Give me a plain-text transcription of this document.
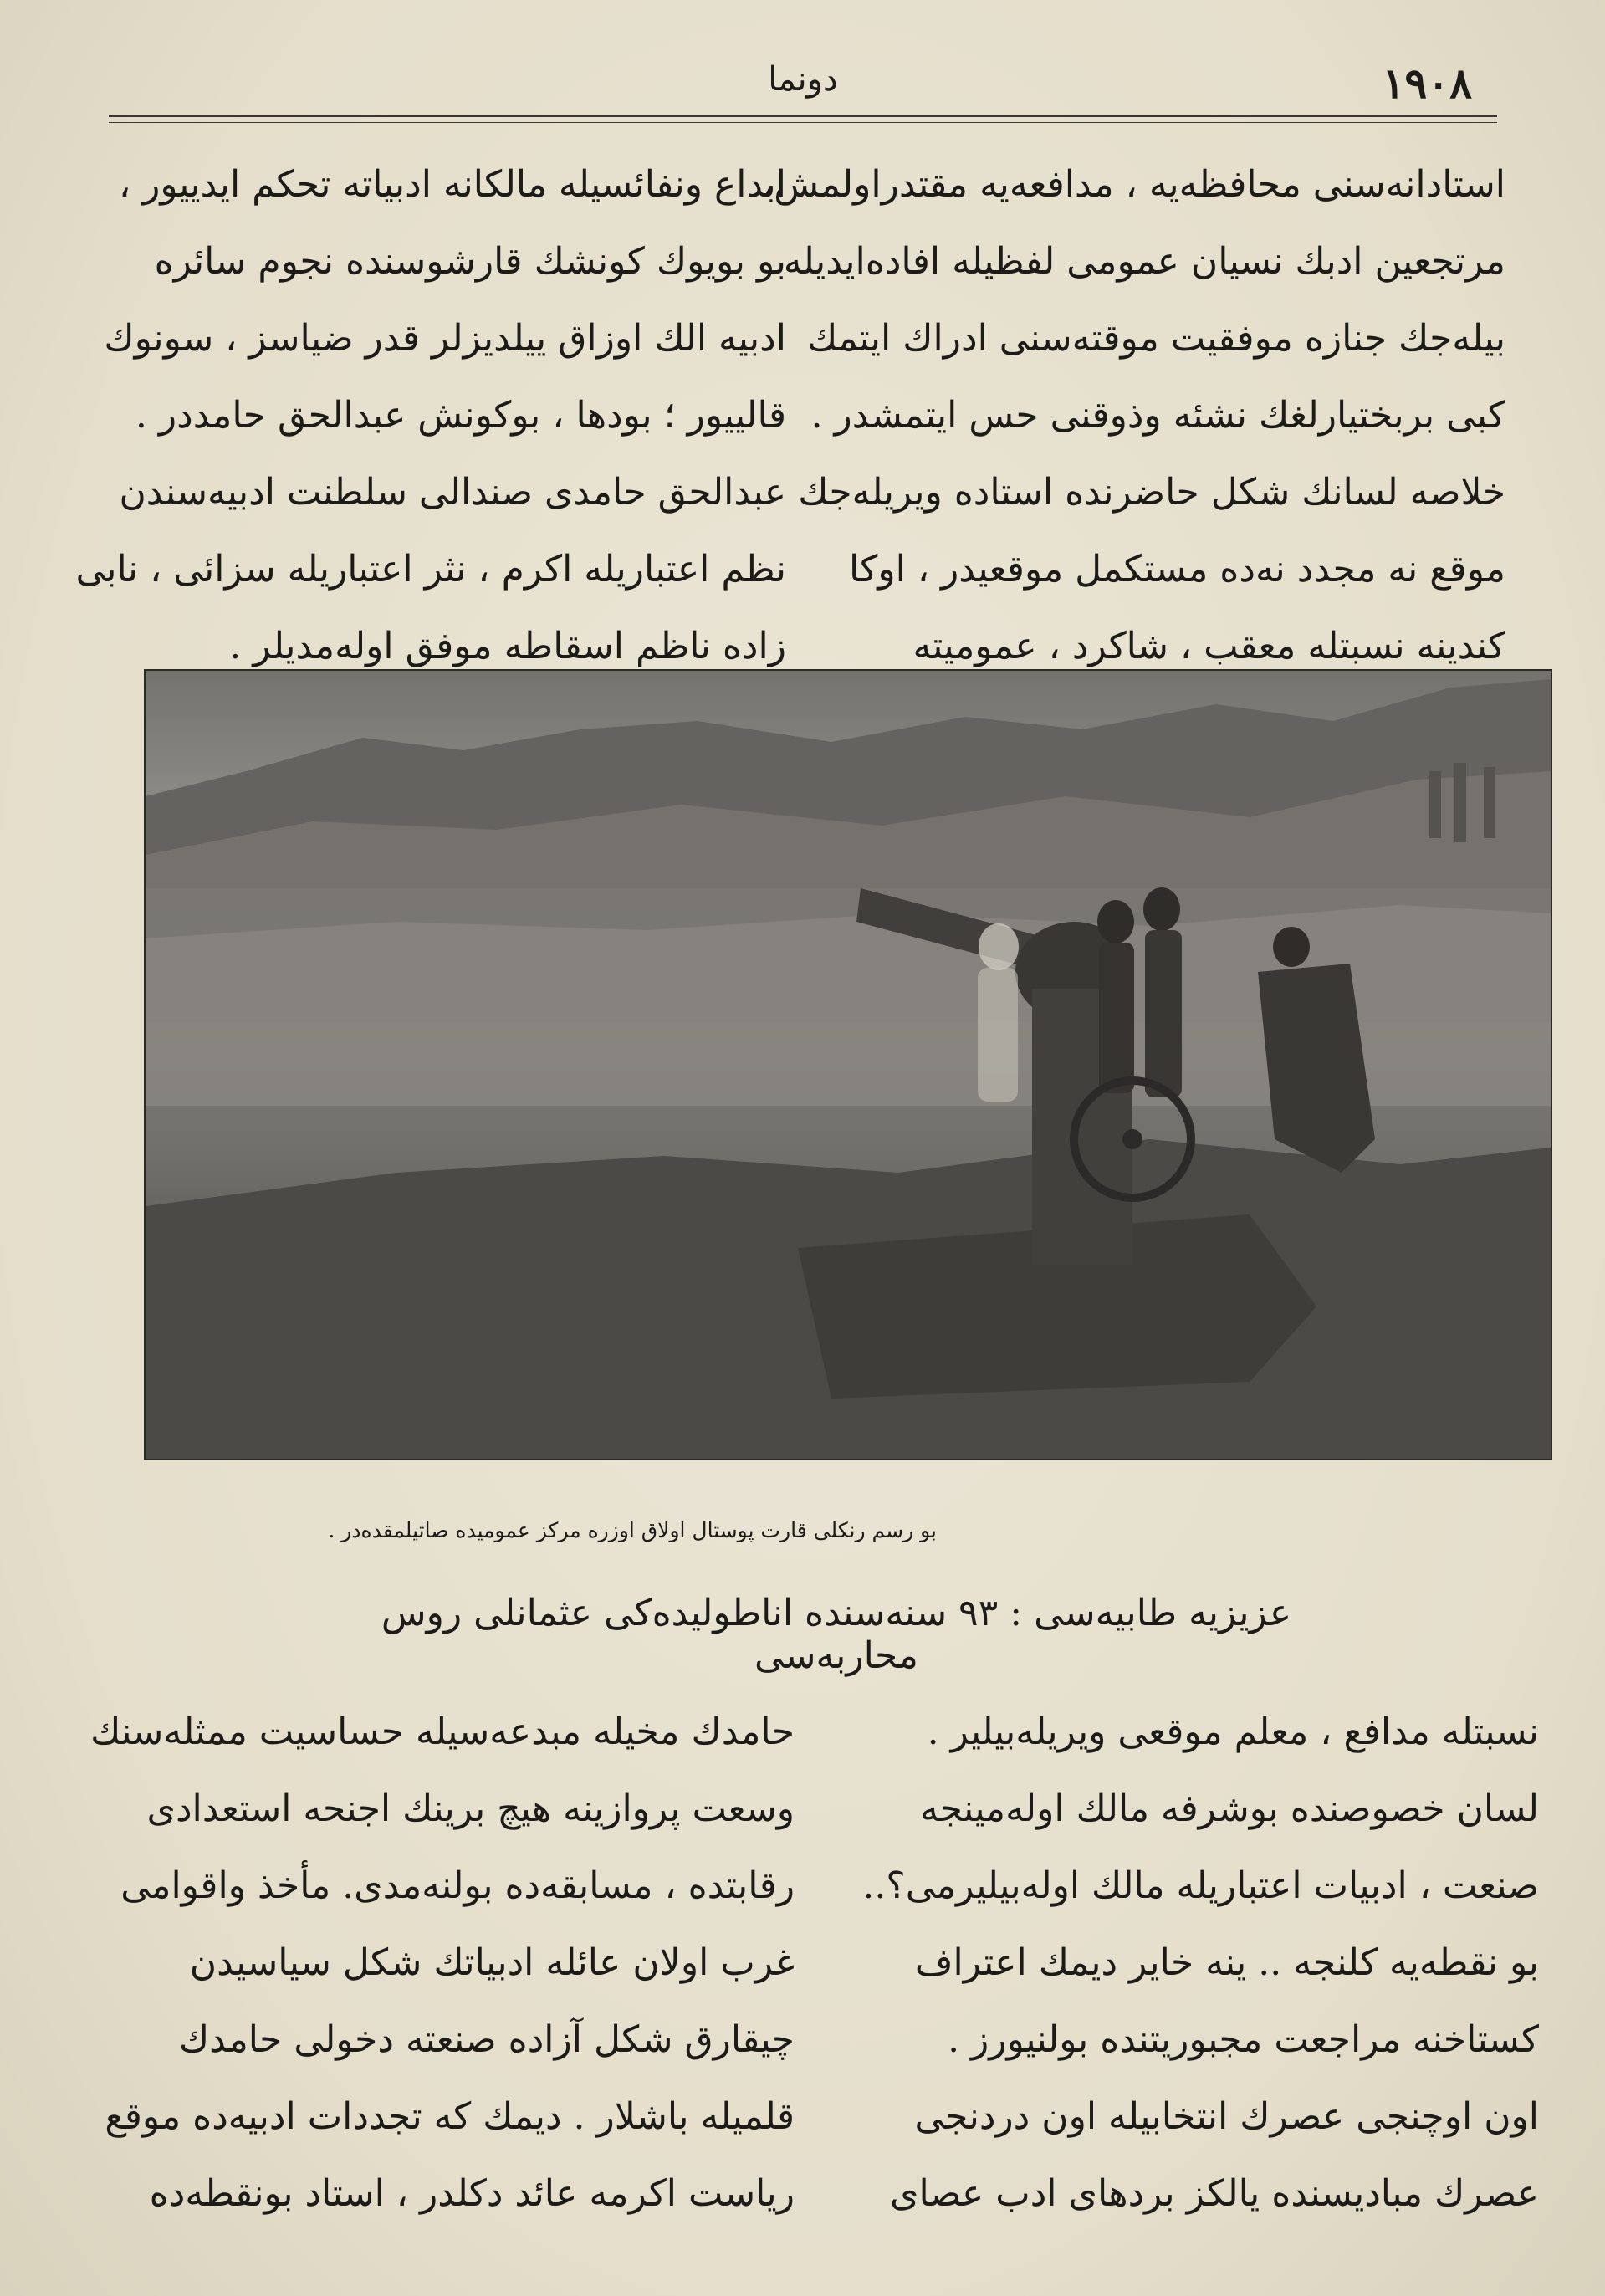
۱۹۰۸
دونما

استادانه‌سنی محافظه‌یه ، مدافعه‌یه مقتدراولمش،

مرتجعین ادبك نسیان عمومی لفظیله افاده‌ایدیله‌

بیله‌جك جنازه موفقیت موقته‌سنی ادراك ایتمك

کبی بربختیارلغك نشئه وذوقنی حس ایتمشدر .

خلاصه لسانك شکل حاضرنده استاده ویریله‌جك

موقع نه مجدد نه‌ده مستکمل موقعیدر ، اوکا

کندینه نسبتله معقب ، شاکرد ، عمومیته

ابداع ونفائسیله مالکانه ادبیاته تحکم ایدییور ،

بو بویوك کونشك قارشوسنده نجوم سائره

ادبیه الك اوزاق ییلدیزلر قدر ضیاسز ، سونوك

قالییور ؛ بودها ، بوکونش عبدالحق حامددر .

عبدالحق حامدی صندالی سلطنت ادبیه‌سندن

نظم اعتباریله اکرم ، نثر اعتباریله سزائی ، نابی

زاده ناظم اسقاطه موفق اوله‌مدیلر .

بو رسم رنکلی قارت پوستال اولاق اوزره مرکز عمومیده صاتیلمقده‌در .
عزیزیه طابیه‌سی : ۹۳ سنه‌سنده اناطولیده‌کی عثمانلی روس محاربه‌سی

نسبتله مدافع ، معلم موقعی ویریله‌بیلیر .

لسان خصوصنده بوشرفه مالك اوله‌مینجه

صنعت ، ادبیات اعتباریله مالك اوله‌بیلیرمی؟..

بو نقطه‌یه کلنجه .. ینه خایر دیمك اعتراف

کستاخنه مراجعت مجبوریتنده بولنیورز .

اون اوچنجی عصرك انتخابیله اون دردنجی

عصرك مبادیسنده یالکز بردهای ادب عصای

حامدك مخیله مبدعه‌سیله حساسیت ممثله‌سنك

وسعت پروازینه هیچ برینك اجنحه استعدادی

رقابتده ، مسابقه‌ده بولنه‌مدی. مأخذ واقوامی

غرب اولان عائله ادبیاتك شکل سیاسیدن

چیقارق شکل آزاده صنعته دخولی حامدك

قلمیله باشلار . دیمك که تجددات ادبیه‌ده موقع

ریاست اکرمه عائد دکلدر ، استاد بونقطه‌ده
